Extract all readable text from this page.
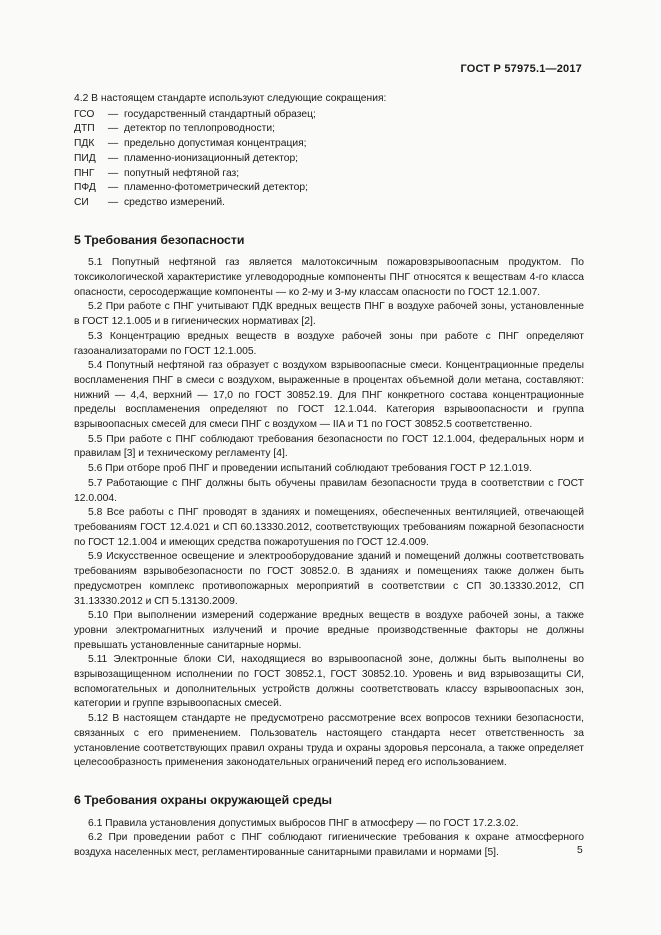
ГОСТ Р 57975.1—2017

4.2 В настоящем стандарте используют следующие сокращения:

ГСО	— государственный стандартный образец;
ДТП	— детектор по теплопроводности;
ПДК	— предельно допустимая концентрация;
ПИД	— пламенно-ионизационный детектор;
ПНГ	— попутный нефтяной газ;
ПФД	— пламенно-фотометрический детектор;
СИ	— средство измерений.
5 Требования безопасности

5.1 Попутный нефтяной газ является малотоксичным пожаровзрывоопасным продуктом. По токсикологической характеристике углеводородные компоненты ПНГ относятся к веществам 4-го класса опасности, серосодержащие компоненты — ко 2-му и 3-му классам опасности по ГОСТ 12.1.007.

5.2 При работе с ПНГ учитывают ПДК вредных веществ ПНГ в воздухе рабочей зоны, установленные в ГОСТ 12.1.005 и в гигиенических нормативах [2].

5.3 Концентрацию вредных веществ в воздухе рабочей зоны при работе с ПНГ определяют газоанализаторами по ГОСТ 12.1.005.

5.4 Попутный нефтяной газ образует с воздухом взрывоопасные смеси. Концентрационные пределы воспламенения ПНГ в смеси с воздухом, выраженные в процентах объемной доли метана, составляют: нижний — 4,4, верхний — 17,0 по ГОСТ 30852.19. Для ПНГ конкретного состава концентрационные пределы воспламенения определяют по ГОСТ 12.1.044. Категория взрывоопасности и группа взрывоопасных смесей для смеси ПНГ с воздухом — IIA и T1 по ГОСТ 30852.5 соответственно.

5.5 При работе с ПНГ соблюдают требования безопасности по ГОСТ 12.1.004, федеральных норм и правилам [3] и техническому регламенту [4].

5.6 При отборе проб ПНГ и проведении испытаний соблюдают требования ГОСТ Р 12.1.019.

5.7 Работающие с ПНГ должны быть обучены правилам безопасности труда в соответствии с ГОСТ 12.0.004.

5.8 Все работы с ПНГ проводят в зданиях и помещениях, обеспеченных вентиляцией, отвечающей требованиям ГОСТ 12.4.021 и СП 60.13330.2012, соответствующих требованиям пожарной безопасности по ГОСТ 12.1.004 и имеющих средства пожаротушения по ГОСТ 12.4.009.

5.9 Искусственное освещение и электрооборудование зданий и помещений должны соответствовать требованиям взрывобезопасности по ГОСТ 30852.0. В зданиях и помещениях также должен быть предусмотрен комплекс противопожарных мероприятий в соответствии с СП 30.13330.2012, СП 31.13330.2012 и СП 5.13130.2009.

5.10 При выполнении измерений содержание вредных веществ в воздухе рабочей зоны, а также уровни электромагнитных излучений и прочие вредные производственные факторы не должны превышать установленные санитарные нормы.

5.11 Электронные блоки СИ, находящиеся во взрывоопасной зоне, должны быть выполнены во взрывозащищенном исполнении по ГОСТ 30852.1, ГОСТ 30852.10. Уровень и вид взрывозащиты СИ, вспомогательных и дополнительных устройств должны соответствовать классу взрывоопасных зон, категории и группе взрывоопасных смесей.

5.12 В настоящем стандарте не предусмотрено рассмотрение всех вопросов техники безопасности, связанных с его применением. Пользователь настоящего стандарта несет ответственность за установление соответствующих правил охраны труда и охраны здоровья персонала, а также определяет целесообразность применения законодательных ограничений перед его использованием.

6 Требования охраны окружающей среды

6.1 Правила установления допустимых выбросов ПНГ в атмосферу — по ГОСТ 17.2.3.02.

6.2 При проведении работ с ПНГ соблюдают гигиенические требования к охране атмосферного воздуха населенных мест, регламентированные санитарными правилами и нормами [5].	5
